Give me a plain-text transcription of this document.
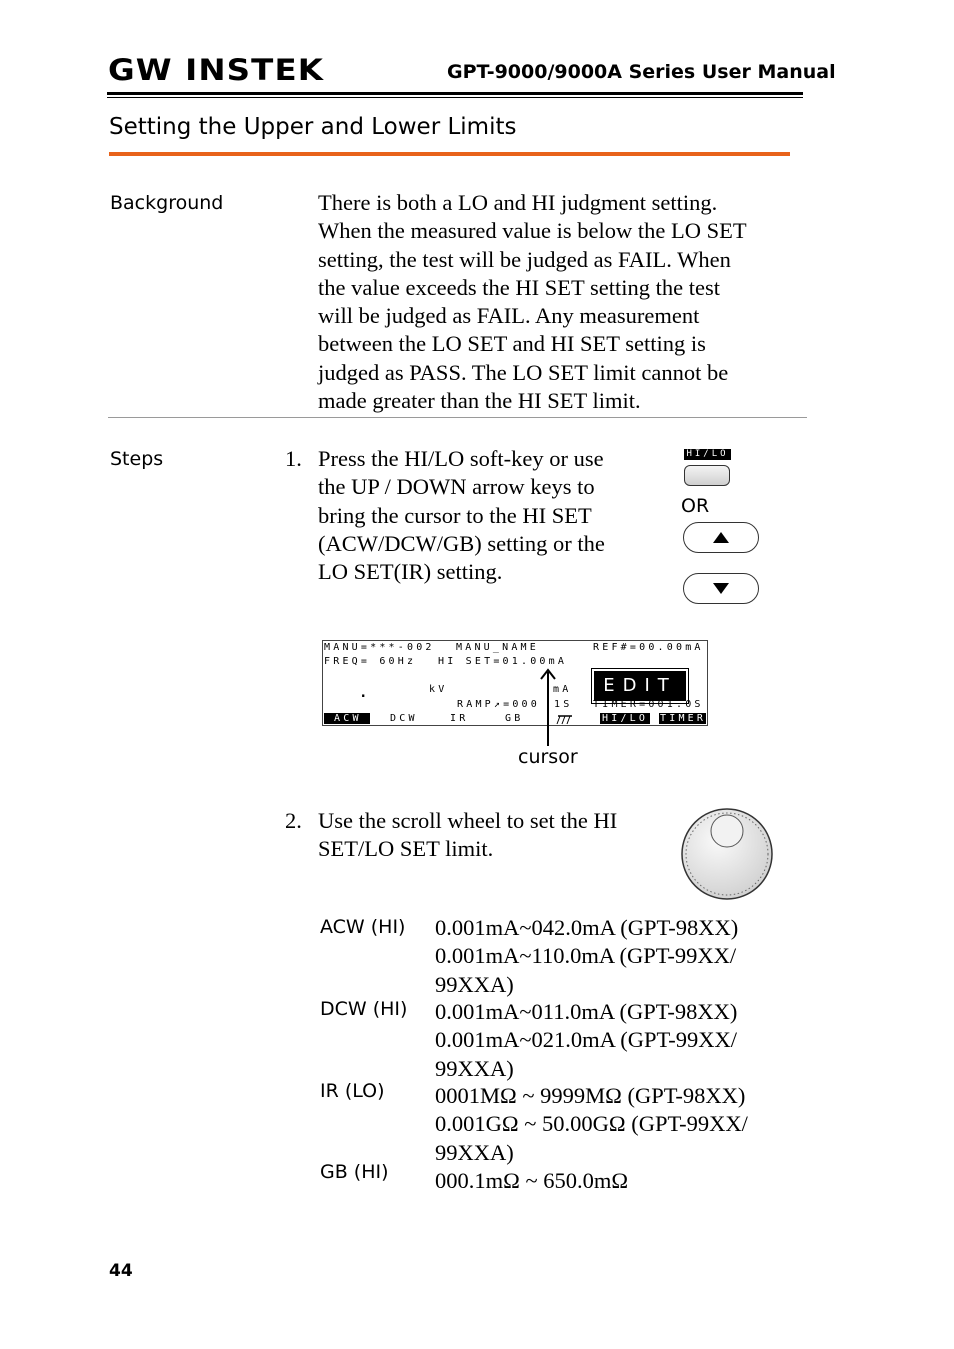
GW INSTEK	GPT-9000/9000A Series User Manual
Setting the Upper and Lower Limits
Background	There is both a LO and HI judgment setting.
When the measured value is below the LO SET
setting, the test will be judged as FAIL. When
the value exceeds the HI SET setting the test
will be judged as FAIL. Any measurement
between the LO SET and HI SET setting is
judged as PASS. The LO SET limit cannot be
made greater than the HI SET limit.
Steps	1. Press the HI/LO soft-key or use
the UP / DOWN arrow keys to
bring the cursor to the HI SET
(ACW/DCW/GB) setting or the
LO SET(IR) setting.
HI/LO
OR
MANU=***-002 MANU_NAME	REF#=00.00mA
FREQ= 60Hz HI SET=01.00mA
.	kV	mA	EDIT
RAMP↗=000 1S TIMER=001.0S
ACW	DCW	IR	GB	HI/LO TIMER
cursor
2. Use the scroll wheel to set the HI
SET/LO SET limit.
ACW (HI) 0.001mA~042.0mA (GPT-98XX)
0.001mA~110.0mA (GPT-99XX/
99XXA)
DCW (HI) 0.001mA~011.0mA (GPT-98XX)
0.001mA~021.0mA (GPT-99XX/
99XXA)
IR (LO) 0001MΩ ~ 9999MΩ (GPT-98XX)
0.001GΩ ~ 50.00GΩ (GPT-99XX/
99XXA)
GB (HI) 000.1mΩ ~ 650.0mΩ
44
